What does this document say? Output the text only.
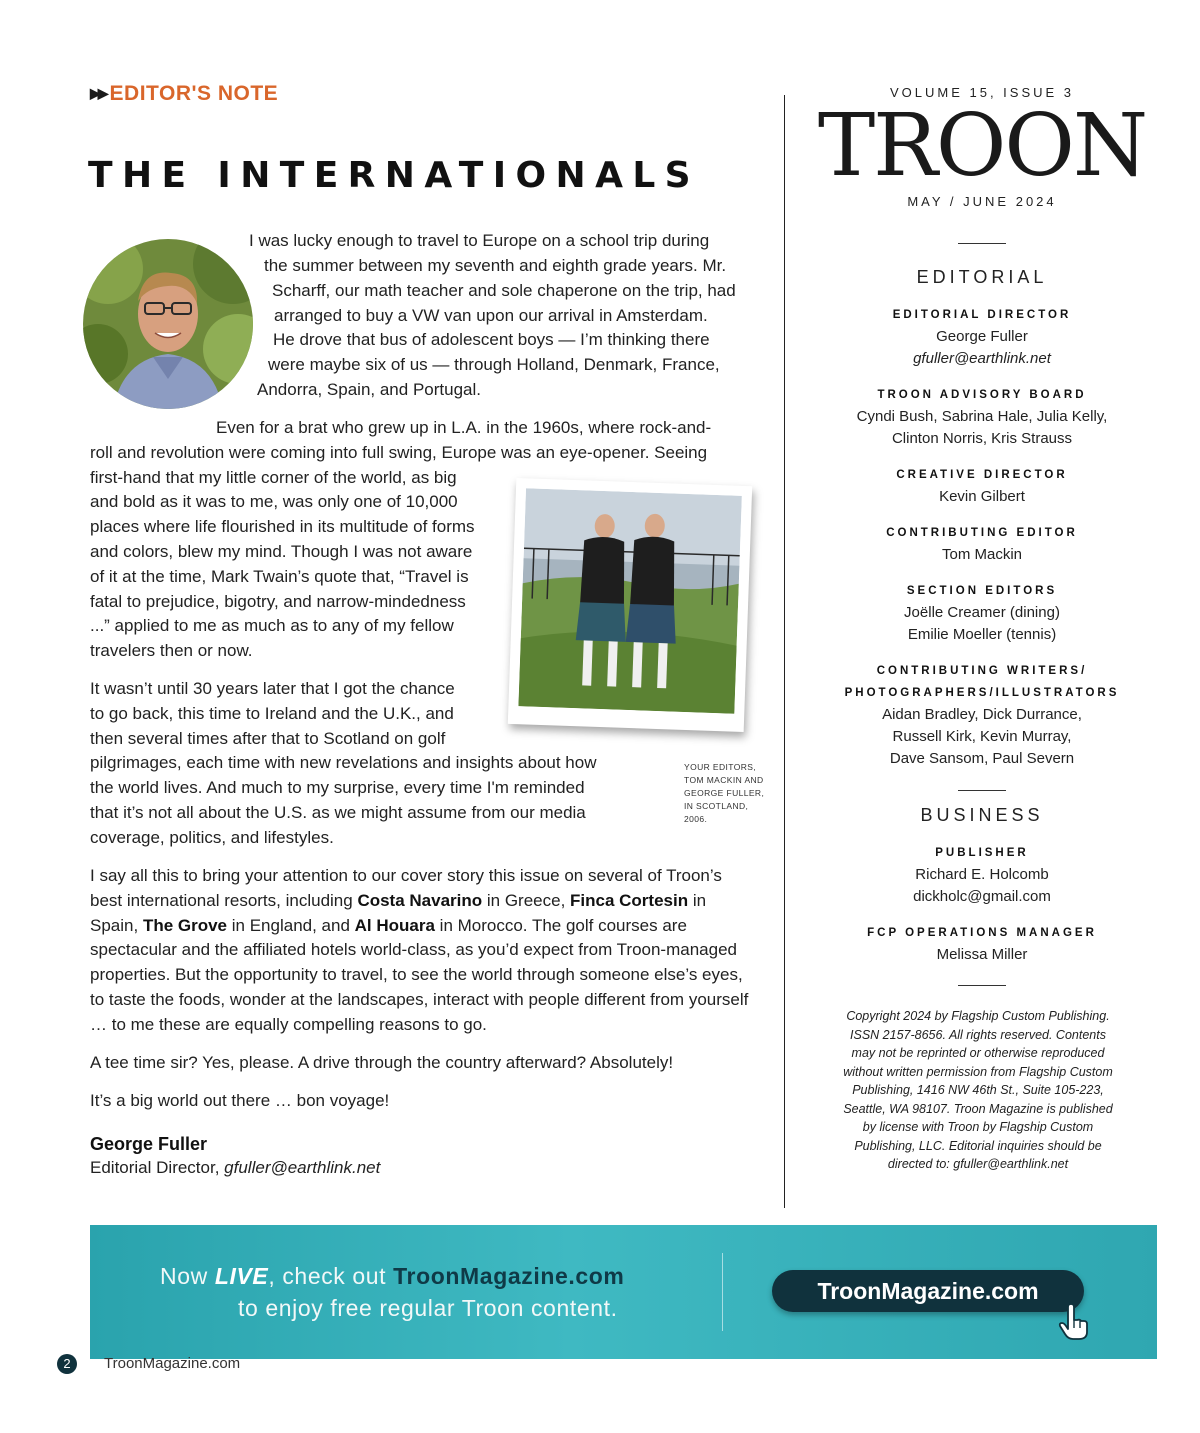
▶▶ EDITOR'S NOTE
THE INTERNATIONALS
I was lucky enough to travel to Europe on a school trip during
the summer between my seventh and eighth grade years. Mr.
Scharff, our math teacher and sole chaperone on the trip, had
arranged to buy a VW van upon our arrival in Amsterdam.
He drove that bus of adolescent boys — I’m thinking there
were maybe six of us — through Holland, Denmark, France,
Andorra, Spain, and Portugal.
Even for a brat who grew up in L.A. in the 1960s, where rock-and-
roll and revolution were coming into full swing, Europe was an eye-opener. Seeing
first-hand that my little corner of the world, as big
and bold as it was to me, was only one of 10,000
places where life flourished in its multitude of forms
and colors, blew my mind. Though I was not aware
of it at the time, Mark Twain’s quote that, “Travel is
fatal to prejudice, bigotry, and narrow-mindedness
...” applied to me as much as to any of my fellow
travelers then or now.
It wasn’t until 30 years later that I got the chance
to go back, this time to Ireland and the U.K., and
then several times after that to Scotland on golf
pilgrimages, each time with new revelations and insights about how
the world lives. And much to my surprise, every time I'm reminded
that it’s not all about the U.S. as we might assume from our media
coverage, politics, and lifestyles.

I say all this to bring your attention to our cover story this issue on several of Troon’s best international resorts, including Costa Navarino in Greece, Finca Cortesin in Spain, The Grove in England, and Al Houara in Morocco. The golf courses are spectacular and the affiliated hotels world-class, as you’d expect from Troon-managed properties. But the opportunity to travel, to see the world through someone else’s eyes, to taste the foods, wonder at the landscapes, interact with people different from yourself … to me these are equally compelling reasons to go.

A tee time sir? Yes, please. A drive through the country afterward? Absolutely!

It’s a big world out there … bon voyage!

YOUR EDITORS, TOM MACKIN AND GEORGE FULLER, IN SCOTLAND, 2006.
George Fuller
Editorial Director, gfuller@earthlink.net
VOLUME 15, ISSUE 3
TROON
MAY / JUNE 2024
EDITORIAL
EDITORIAL DIRECTOR
George Fuller
gfuller@earthlink.net
TROON ADVISORY BOARD
Cyndi Bush, Sabrina Hale, Julia Kelly,
Clinton Norris, Kris Strauss
CREATIVE DIRECTOR
Kevin Gilbert
CONTRIBUTING EDITOR
Tom Mackin
SECTION EDITORS
Joëlle Creamer (dining)
Emilie Moeller (tennis)
CONTRIBUTING WRITERS/
PHOTOGRAPHERS/ILLUSTRATORS
Aidan Bradley, Dick Durrance,
Russell Kirk, Kevin Murray,
Dave Sansom, Paul Severn
BUSINESS
PUBLISHER
Richard E. Holcomb
dickholc@gmail.com
FCP OPERATIONS MANAGER
Melissa Miller
Copyright 2024 by Flagship Custom Publishing. ISSN 2157-8656. All rights reserved. Contents may not be reprinted or otherwise reproduced without written permission from Flagship Custom Publishing, 1416 NW 46th St., Suite 105-223, Seattle, WA 98107. Troon Magazine is published by license with Troon by Flagship Custom Publishing, LLC. Editorial inquiries should be directed to: gfuller@earthlink.net
Now LIVE, check out TroonMagazine.com
to enjoy free regular Troon content.
TroonMagazine.com
2	TroonMagazine.com
